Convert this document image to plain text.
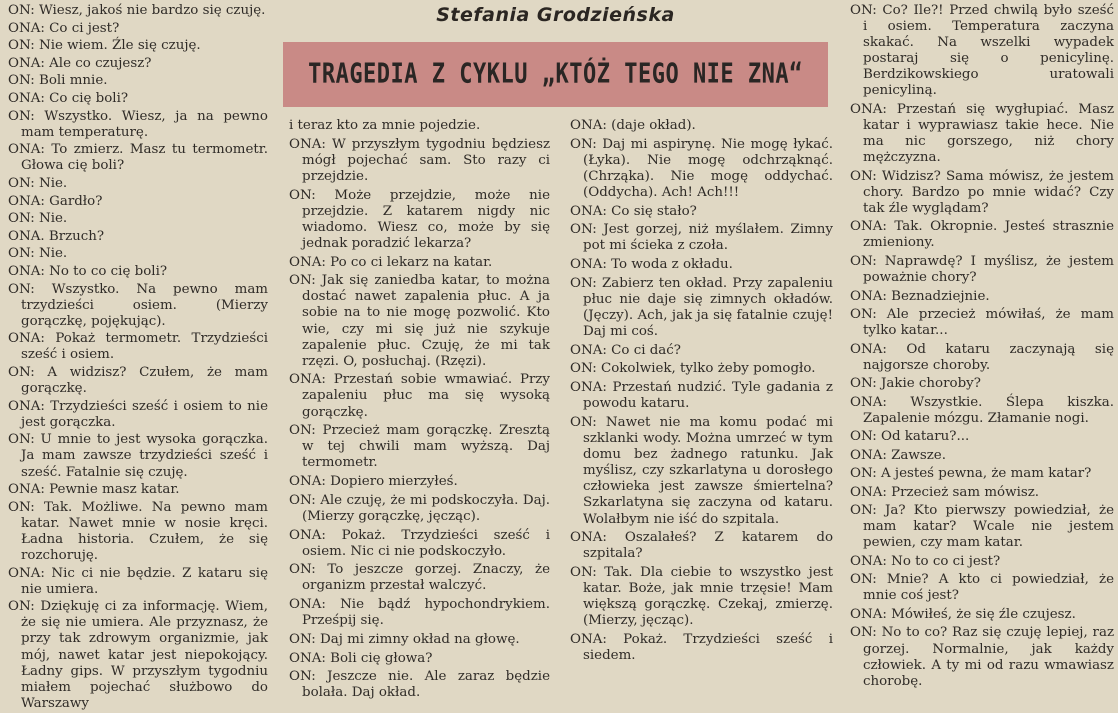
Stefania Grodzieńska
TRAGEDIA Z CYKLU „KTÓŻ TEGO NIE ZNA“
ON: Wiesz, jakoś nie bardzo się czuję.
ONA: Co ci jest?
ON: Nie wiem. Źle się czuję.
ONA: Ale co czujesz?
ON: Boli mnie.
ONA: Co cię boli?
ON: Wszystko. Wiesz, ja na pewno mam temperaturę.
ONA: To zmierz. Masz tu termometr. Głowa cię boli?
ON: Nie.
ONA: Gardło?
ON: Nie.
ONA. Brzuch?
ON: Nie.
ONA: No to co cię boli?
ON: Wszystko. Na pewno mam trzydzieści osiem. (Mierzy gorączkę, pojękując).
ONA: Pokaż termometr. Trzydzieści sześć i osiem.
ON: A widzisz? Czułem, że mam gorączkę.
ONA: Trzydzieści sześć i osiem to nie jest gorączka.
ON: U mnie to jest wysoka gorączka. Ja mam zawsze trzydzieści sześć i sześć. Fatalnie się czuję.
ONA: Pewnie masz katar.
ON: Tak. Możliwe. Na pewno mam katar. Nawet mnie w nosie kręci. Ładna historia. Czułem, że się rozchoruję.
ONA: Nic ci nie będzie. Z kataru się nie umiera.
ON: Dziękuję ci za informację. Wiem, że się nie umiera. Ale przyznasz, że przy tak zdrowym organizmie, jak mój, nawet katar jest niepokojący. Ładny gips. W przyszłym tygodniu miałem pojechać służbowo do Warszawy
i teraz kto za mnie pojedzie.
ONA: W przyszłym tygodniu będziesz mógł pojechać sam. Sto razy ci przejdzie.
ON: Może przejdzie, może nie przejdzie. Z katarem nigdy nic wiadomo. Wiesz co, może by się jednak poradzić lekarza?
ONA: Po co ci lekarz na katar.
ON: Jak się zaniedba katar, to można dostać nawet zapalenia płuc. A ja sobie na to nie mogę pozwolić. Kto wie, czy mi się już nie szykuje zapalenie płuc. Czuję, że mi tak rzęzi. O, posłuchaj. (Rzęzi).
ONA: Przestań sobie wmawiać. Przy zapaleniu płuc ma się wysoką gorączkę.
ON: Przecież mam gorączkę. Zresztą w tej chwili mam wyższą. Daj termometr.
ONA: Dopiero mierzyłeś.
ON: Ale czuję, że mi podskoczyła. Daj. (Mierzy gorączkę, jęcząc).
ONA: Pokaż. Trzydzieści sześć i osiem. Nic ci nie podskoczyło.
ON: To jeszcze gorzej. Znaczy, że organizm przestał walczyć.
ONA: Nie bądź hypochondrykiem. Prześpij się.
ON: Daj mi zimny okład na głowę.
ONA: Boli cię głowa?
ON: Jeszcze nie. Ale zaraz będzie bolała. Daj okład.
ONA: (daje okład).
ON: Daj mi aspirynę. Nie mogę łykać. (Łyka). Nie mogę odchrząknąć. (Chrząka). Nie mogę oddychać. (Oddycha). Ach! Ach!!!
ONA: Co się stało?
ON: Jest gorzej, niż myślałem. Zimny pot mi ścieka z czoła.
ONA: To woda z okładu.
ON: Zabierz ten okład. Przy zapaleniu płuc nie daje się zimnych okładów. (Jęczy). Ach, jak ja się fatalnie czuję! Daj mi coś.
ONA: Co ci dać?
ON: Cokolwiek, tylko żeby pomogło.
ONA: Przestań nudzić. Tyle gadania z powodu kataru.
ON: Nawet nie ma komu podać mi szklanki wody. Można umrzeć w tym domu bez żadnego ratunku. Jak myślisz, czy szkarlatyna u dorosłego człowieka jest zawsze śmiertelna? Szkarlatyna się zaczyna od kataru. Wolałbym nie iść do szpitala.
ONA: Oszalałeś? Z katarem do szpitala?
ON: Tak. Dla ciebie to wszystko jest katar. Boże, jak mnie trzęsie! Mam większą gorączkę. Czekaj, zmierzę. (Mierzy, jęcząc).
ONA: Pokaż. Trzydzieści sześć i siedem.
ON: Co? Ile?! Przed chwilą było sześć i osiem. Temperatura zaczyna skakać. Na wszelki wypadek postaraj się o penicylinę. Berdzikowskiego uratowali penicyliną.
ONA: Przestań się wygłupiać. Masz katar i wyprawiasz takie hece. Nie ma nic gorszego, niż chory mężczyzna.
ON: Widzisz? Sama mówisz, że jestem chory. Bardzo po mnie widać? Czy tak źle wyglądam?
ONA: Tak. Okropnie. Jesteś strasznie zmieniony.
ON: Naprawdę? I myślisz, że jestem poważnie chory?
ONA: Beznadziejnie.
ON: Ale przecież mówiłaś, że mam tylko katar...
ONA: Od kataru zaczynają się najgorsze choroby.
ON: Jakie choroby?
ONA: Wszystkie. Ślepa kiszka. Zapalenie mózgu. Złamanie nogi.
ON: Od kataru?...
ONA: Zawsze.
ON: A jesteś pewna, że mam katar?
ONA: Przecież sam mówisz.
ON: Ja? Kto pierwszy powiedział, że mam katar? Wcale nie jestem pewien, czy mam katar.
ONA: No to co ci jest?
ON: Mnie? A kto ci powiedział, że mnie coś jest?
ONA: Mówiłeś, że się źle czujesz.
ON: No to co? Raz się czuję lepiej, raz gorzej. Normalnie, jak każdy człowiek. A ty mi od razu wmawiasz chorobę.
